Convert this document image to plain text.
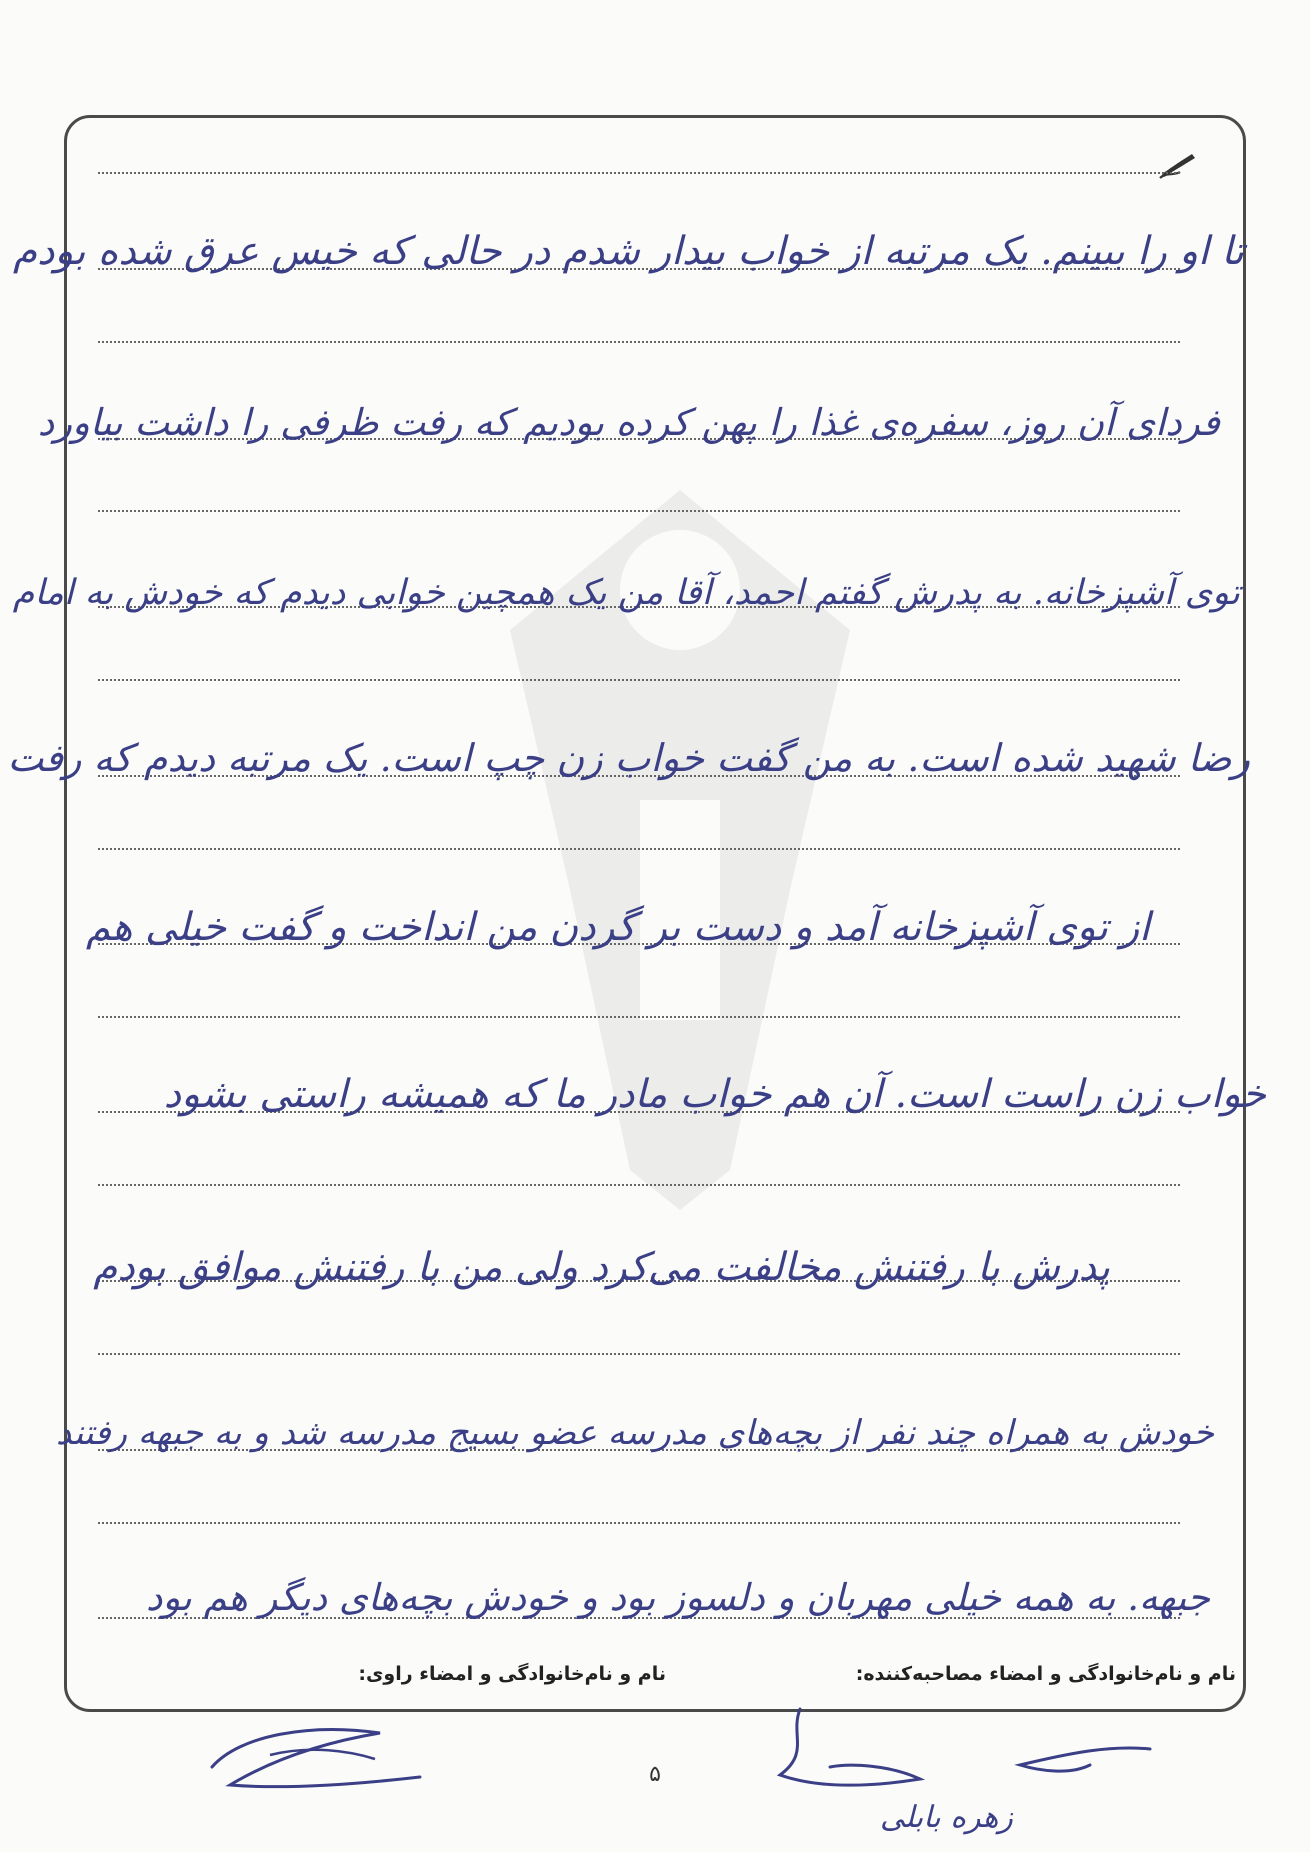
تا او را ببینم. یک مرتبه از خواب بیدار شدم در حالی که خیس عرق شده بودم
فردای آن روز، سفره‌ی غذا را پهن کرده بودیم که رفت ظرفی را داشت بیاورد
توی آشپزخانه. به پدرش گفتم احمد، آقا من یک همچین خوابی دیدم که خودش به امام
رضا شهید شده است. به من گفت خواب زن چپ است. یک مرتبه دیدم که رفت
از توی آشپزخانه آمد و دست بر گردن من انداخت و گفت خیلی هم
خواب زن راست است. آن هم خواب مادر ما که همیشه راستی بشود
پدرش با رفتنش مخالفت می‌کرد ولی من با رفتنش موافق بودم
خودش به همراه چند نفر از بچه‌های مدرسه عضو بسیج مدرسه شد و به جبهه رفتند
جبهه. به همه خیلی مهربان و دلسوز بود و خودش بچه‌های دیگر هم بود
نام و نام‌خانوادگی و امضاء مصاحبه‌کننده:
نام و نام‌خانوادگی و امضاء راوی:
۵
زهره بابلی
